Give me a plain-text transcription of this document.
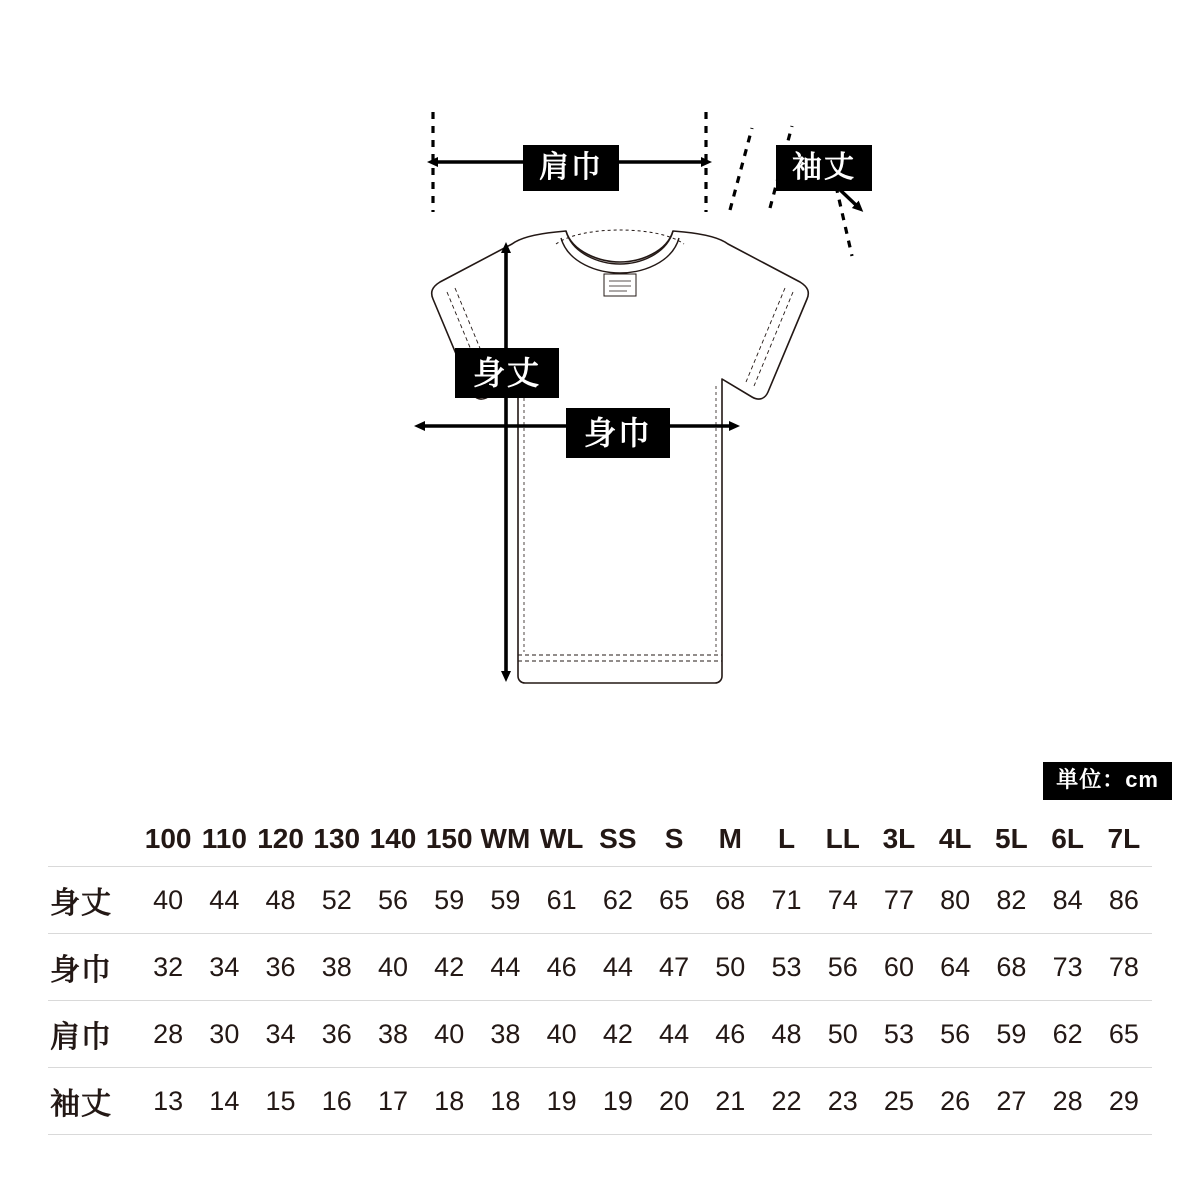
肩巾	袖丈
身丈
身巾
単位：cm
	100	110	120	130	140	150	WM	WL	SS	S	M	L	LL	3L	4L	5L	6L	7L
身丈	40	44	48	52	56	59	59	61	62	65	68	71	74	77	80	82	84	86
身巾	32	34	36	38	40	42	44	46	44	47	50	53	56	60	64	68	73	78
肩巾	28	30	34	36	38	40	38	40	42	44	46	48	50	53	56	59	62	65
袖丈	13	14	15	16	17	18	18	19	19	20	21	22	23	25	26	27	28	29
